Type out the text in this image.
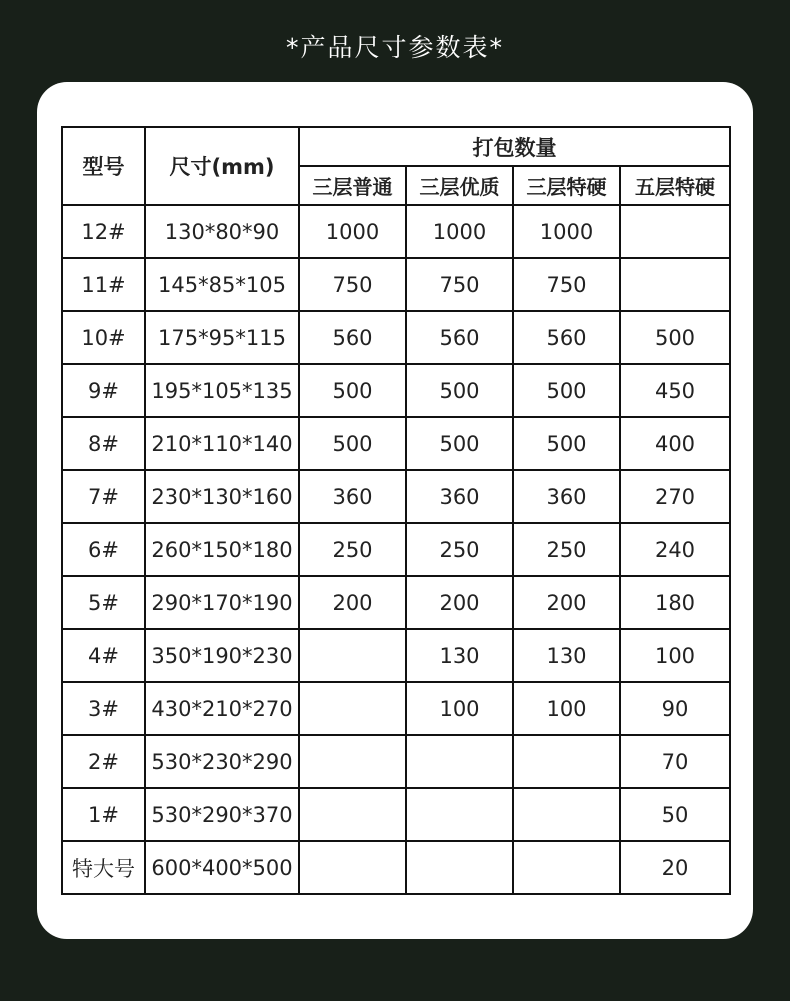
*产品尺寸参数表*
型号	尺寸(mm)	打包数量			
		三层普通	三层优质	三层特硬	五层特硬
12#	130*80*90	1000	1000	1000	
11#	145*85*105	750	750	750	
10#	175*95*115	560	560	560	500
9#	195*105*135	500	500	500	450
8#	210*110*140	500	500	500	400
7#	230*130*160	360	360	360	270
6#	260*150*180	250	250	250	240
5#	290*170*190	200	200	200	180
4#	350*190*230		130	130	100
3#	430*210*270		100	100	90
2#	530*230*290				70
1#	530*290*370				50
特大号	600*400*500				20
